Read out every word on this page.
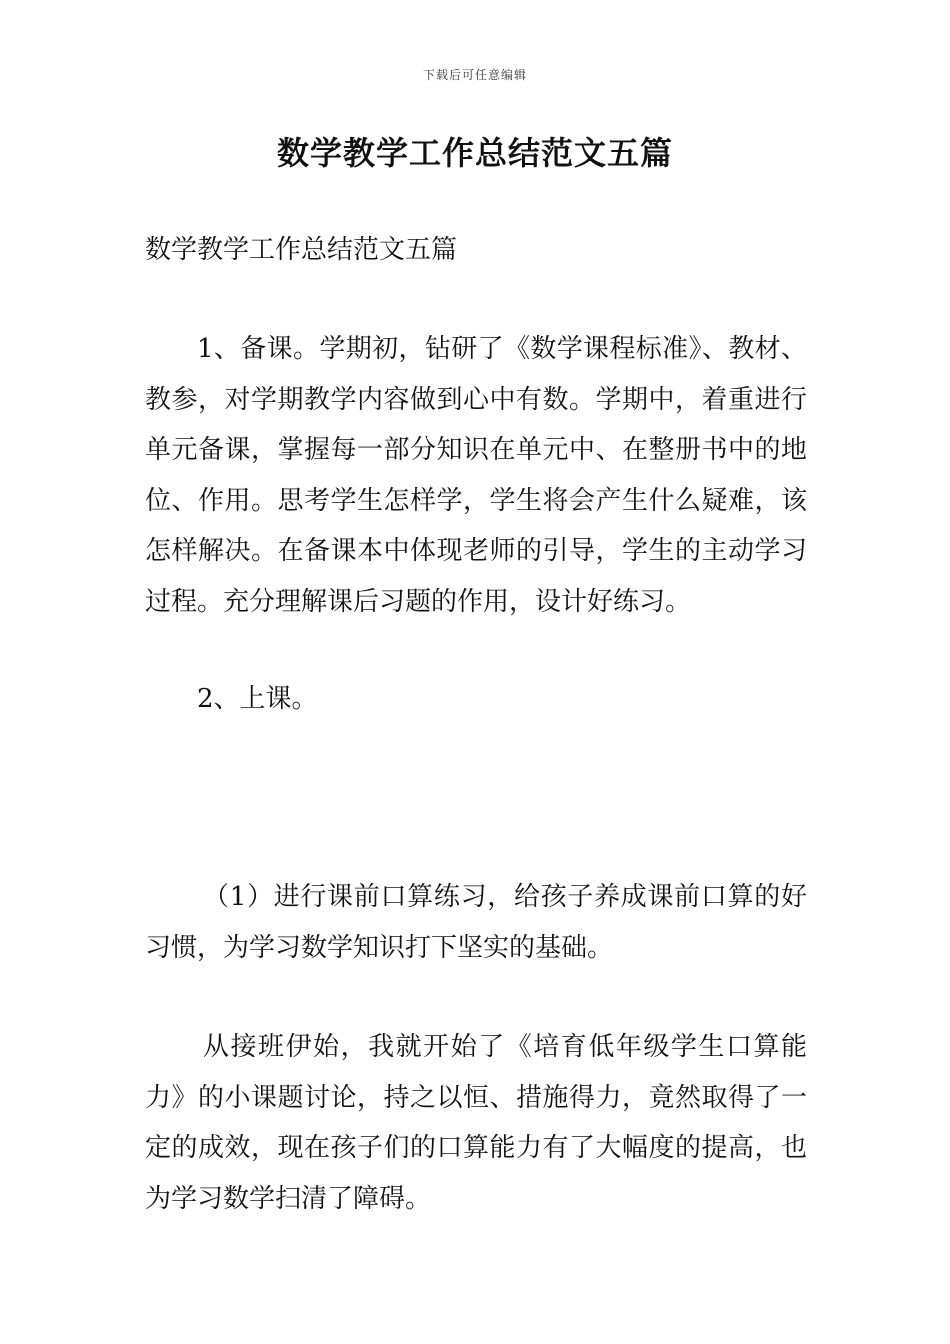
下载后可任意编辑
数学教学工作总结范文五篇

数学教学工作总结范文五篇

1、备课。学期初，钻研了《数学课程标准》、教材、教参，对学期教学内容做到心中有数。学期中，着重进行单元备课，掌握每一部分知识在单元中、在整册书中的地位、作用。思考学生怎样学，学生将会产生什么疑难，该怎样解决。在备课本中体现老师的引导，学生的主动学习过程。充分理解课后习题的作用，设计好练习。

2、上课。

（1）进行课前口算练习，给孩子养成课前口算的好习惯，为学习数学知识打下坚实的基础。

从接班伊始，我就开始了《培育低年级学生口算能力》的小课题讨论，持之以恒、措施得力，竟然取得了一定的成效，现在孩子们的口算能力有了大幅度的提高，也为学习数学扫清了障碍。
